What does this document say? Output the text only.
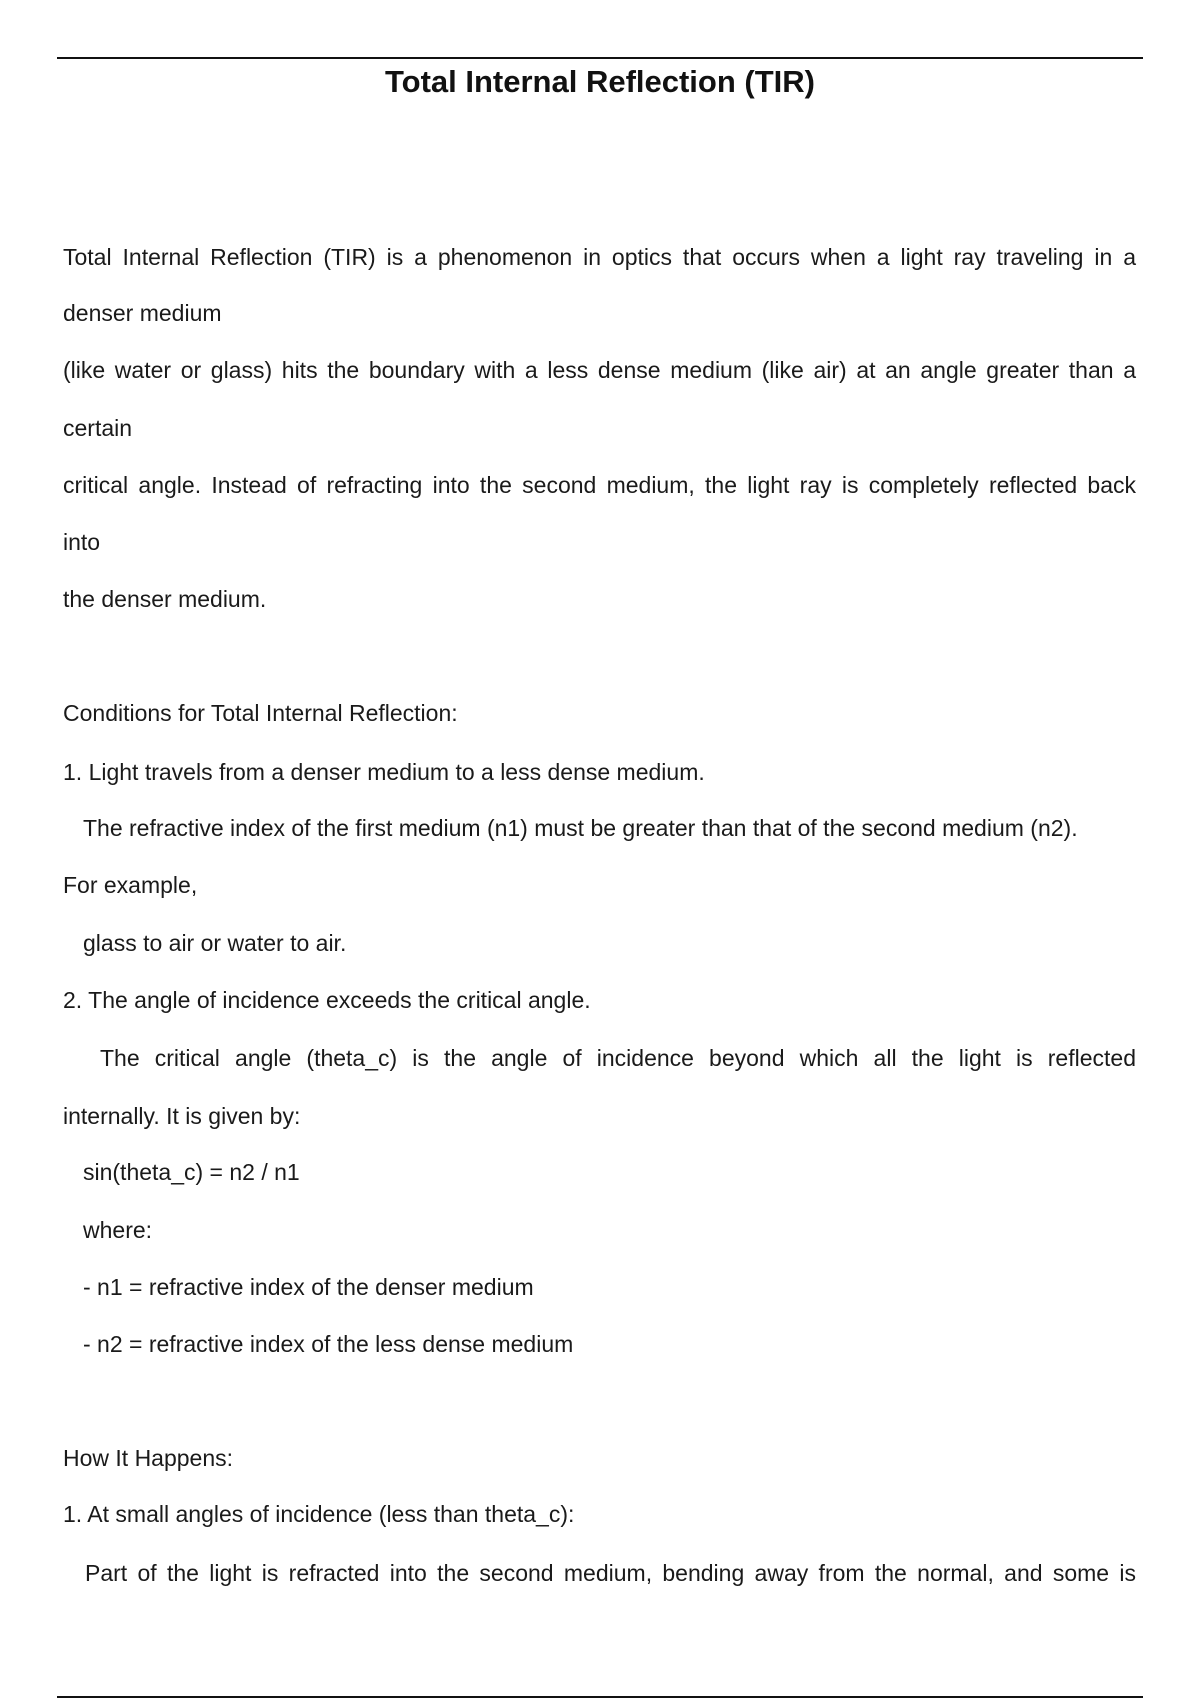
Total Internal Reflection (TIR)

Total Internal Reflection (TIR) is a phenomenon in optics that occurs when a light ray traveling in a

denser medium

(like water or glass) hits the boundary with a less dense medium (like air) at an angle greater than a

certain

critical angle. Instead of refracting into the second medium, the light ray is completely reflected back

into

the denser medium.

Conditions for Total Internal Reflection:

1. Light travels from a denser medium to a less dense medium.

The refractive index of the first medium (n1) must be greater than that of the second medium (n2).

For example,

glass to air or water to air.

2. The angle of incidence exceeds the critical angle.

The critical angle (theta_c) is the angle of incidence beyond which all the light is reflected

internally. It is given by:

sin(theta_c) = n2 / n1

where:

- n1 = refractive index of the denser medium

- n2 = refractive index of the less dense medium

How It Happens:

1. At small angles of incidence (less than theta_c):

Part of the light is refracted into the second medium, bending away from the normal, and some is
